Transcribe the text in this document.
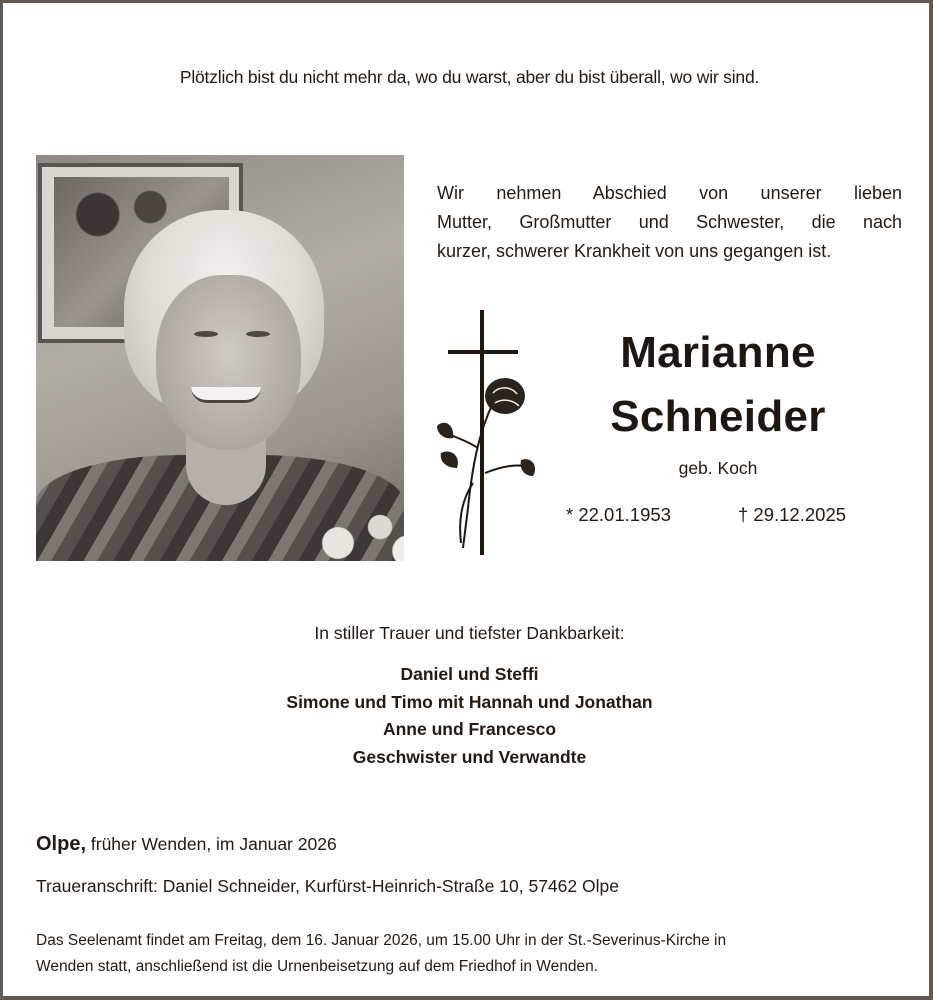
Plötzlich bist du nicht mehr da, wo du warst, aber du bist überall, wo wir sind.
Wir nehmen Abschied von unserer lieben
Mutter, Großmutter und Schwester, die nach
kurzer, schwerer Krankheit von uns gegangen ist.
Marianne
Schneider
geb. Koch
* 22.01.1953	† 29.12.2025
In stiller Trauer und tiefster Dankbarkeit:
Daniel und Steffi
Simone und Timo mit Hannah und Jonathan
Anne und Francesco
Geschwister und Verwandte
Olpe, früher Wenden, im Januar 2026
Traueranschrift: Daniel Schneider, Kurfürst-Heinrich-Straße 10, 57462 Olpe
Das Seelenamt findet am Freitag, dem 16. Januar 2026, um 15.00 Uhr in der St.-Severinus-Kirche in
Wenden statt, anschließend ist die Urnenbeisetzung auf dem Friedhof in Wenden.
